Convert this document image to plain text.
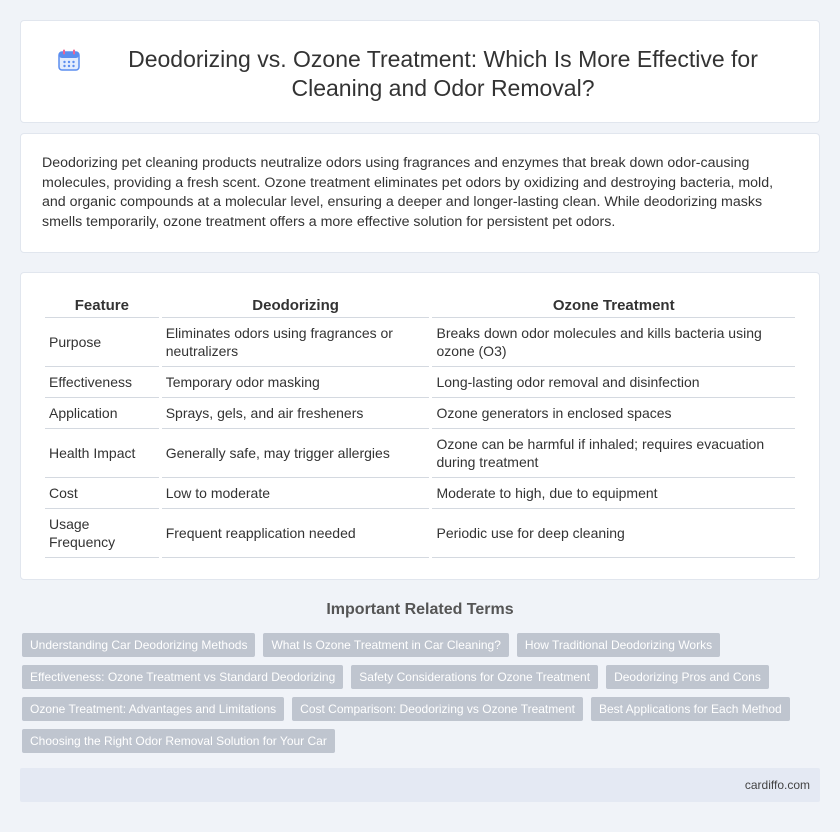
Deodorizing vs. Ozone Treatment: Which Is More Effective for Cleaning and Odor Removal?

Deodorizing pet cleaning products neutralize odors using fragrances and enzymes that break down odor-causing molecules, providing a fresh scent. Ozone treatment eliminates pet odors by oxidizing and destroying bacteria, mold, and organic compounds at a molecular level, ensuring a deeper and longer-lasting clean. While deodorizing masks smells temporarily, ozone treatment offers a more effective solution for persistent pet odors.

Feature	Deodorizing	Ozone Treatment
Purpose	Eliminates odors using fragrances or neutralizers	Breaks down odor molecules and kills bacteria using ozone (O3)
Effectiveness	Temporary odor masking	Long-lasting odor removal and disinfection
Application	Sprays, gels, and air fresheners	Ozone generators in enclosed spaces
Health Impact	Generally safe, may trigger allergies	Ozone can be harmful if inhaled; requires evacuation during treatment
Cost	Low to moderate	Moderate to high, due to equipment
Usage Frequency	Frequent reapplication needed	Periodic use for deep cleaning
Important Related Terms
Understanding Car Deodorizing Methods	What Is Ozone Treatment in Car Cleaning?	How Traditional Deodorizing Works
Effectiveness: Ozone Treatment vs Standard Deodorizing	Safety Considerations for Ozone Treatment	Deodorizing Pros and Cons
Ozone Treatment: Advantages and Limitations	Cost Comparison: Deodorizing vs Ozone Treatment	Best Applications for Each Method
Choosing the Right Odor Removal Solution for Your Car
cardiffo.com
